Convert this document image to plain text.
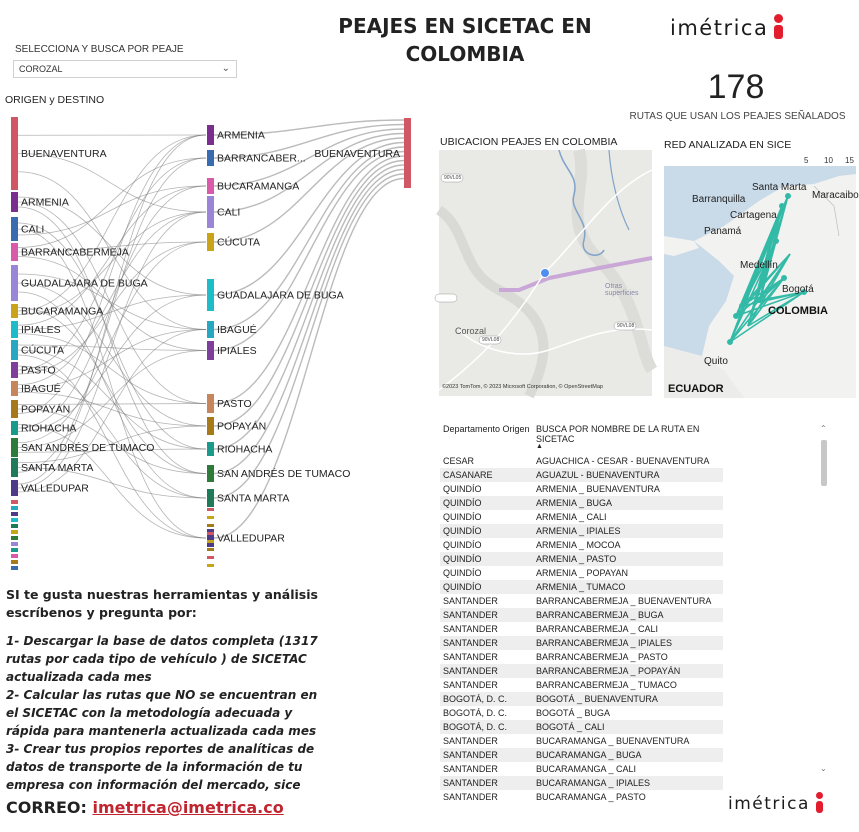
PEAJES EN SICETAC EN COLOMBIA
imétrica
SELECCIONA Y BUSCA POR PEAJE
COROZAL	⌄	178
RUTAS QUE USAN LOS PEAJES SEÑALADOS
ORIGEN y DESTINO
BUENAVENTURA
ARMENIA
CALI
BARRANCABERMEJA
GUADALAJARA DE BUGA
BUCARAMANGA
IPIALES
CÚCUTA
PASTO
IBAGUÉ
POPAYÁN
RIOHACHA
SAN ANDRÉS DE TUMACO
SANTA MARTA
VALLEDUPAR
ARMENIA
BARRANCABER...
BUCARAMANGA
CALI
CÚCUTA
GUADALAJARA DE BUGA
IBAGUÉ
IPIALES
PASTO
POPAYÁN
RIOHACHA
SAN ANDRÉS DE TUMACO
SANTA MARTA
VALLEDUPAR
BUENAVENTURA
UBICACION PEAJES EN COLOMBIA
90VL05
90VL08
90VL08
Corozal
Otras superficies
©2023 TomTom, © 2023 Microsoft Corporation, © OpenStreetMap
RED ANALIZADA EN SICE
5 10 15
Santa Marta
Barranquilla	Maracaibo
Cartagena
Panamá
Medellín
Bogotá
COLOMBIA
Quito
ECUADOR
Departamento Origen	BUSCA POR NOMBRE DE LA RUTA EN SICETAC
▲

CESAR	AGUACHICA - CESAR - BUENAVENTURA
CASANARE	AGUAZUL - BUENAVENTURA
QUINDÍO	ARMENIA _ BUENAVENTURA
QUINDÍO	ARMENIA _ BUGA
QUINDÍO	ARMENIA _ CALI
QUINDÍO	ARMENIA _ IPIALES
QUINDÍO	ARMENIA _ MOCOA
QUINDÍO	ARMENIA _ PASTO
QUINDÍO	ARMENIA _ POPAYAN
QUINDÍO	ARMENIA _ TUMACO
SANTANDER	BARRANCABERMEJA _ BUENAVENTURA
SANTANDER	BARRANCABERMEJA _ BUGA
SANTANDER	BARRANCABERMEJA _ CALI
SANTANDER	BARRANCABERMEJA _ IPIALES
SANTANDER	BARRANCABERMEJA _ PASTO
SANTANDER	BARRANCABERMEJA _ POPAYÁN
SANTANDER	BARRANCABERMEJA _ TUMACO
BOGOTÁ, D. C.	BOGOTÁ _ BUENAVENTURA
BOGOTÁ, D. C.	BOGOTÁ _ BUGA
BOGOTÁ, D. C.	BOGOTÁ _ CALI
SANTANDER	BUCARAMANGA _ BUENAVENTURA
SANTANDER	BUCARAMANGA _ BUGA
SANTANDER	BUCARAMANGA _ CALI
SANTANDER	BUCARAMANGA _ IPIALES
SANTANDER	BUCARAMANGA _ PASTO
⌃
⌄

SI te gusta nuestras herramientas y análisis escríbenos y pregunta por:

1- Descargar la base de datos completa (1317 rutas por cada tipo de vehículo ) de SICETAC actualizada cada mes

2- Calcular las rutas que NO se encuentran en el SICETAC con la metodología adecuada y rápida para mantenerla actualizada cada mes

3- Crear tus propios reportes de analíticas de datos de transporte de la información de tu empresa con información del mercado, sice

CORREO: imetrica@imetrica.co	imétrica
